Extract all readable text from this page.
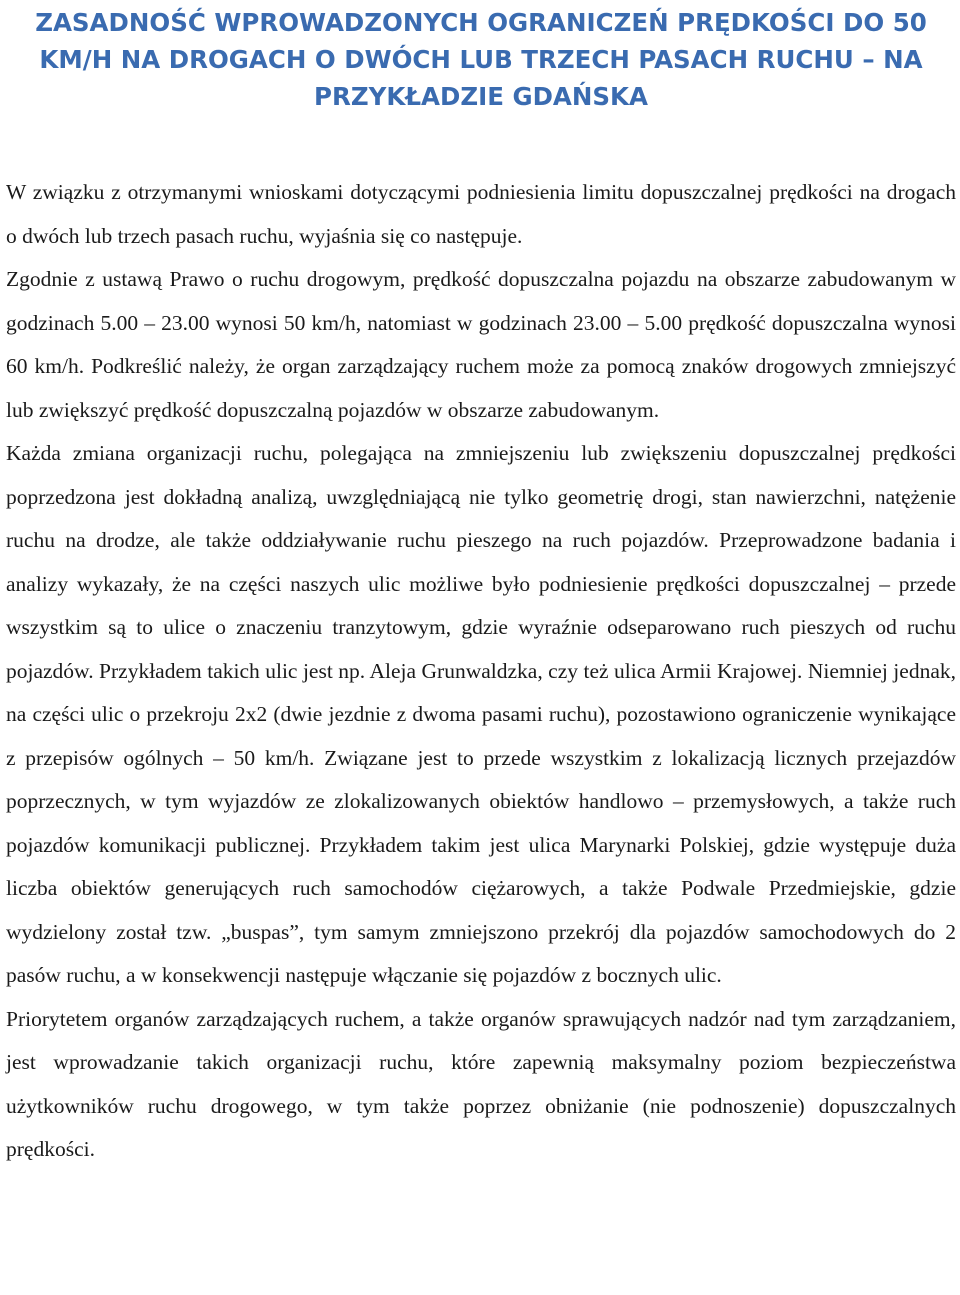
ZASADNOŚĆ WPROWADZONYCH OGRANICZEŃ PRĘDKOŚCI DO 50 KM/H NA DROGACH O DWÓCH LUB TRZECH PASACH RUCHU – NA PRZYKŁADZIE GDAŃSKA

W związku z otrzymanymi wnioskami dotyczącymi podniesienia limitu dopuszczalnej prędkości na drogach o dwóch lub trzech pasach ruchu, wyjaśnia się co następuje.

Zgodnie z ustawą Prawo o ruchu drogowym, prędkość dopuszczalna pojazdu na obszarze zabudowanym w godzinach 5.00 – 23.00 wynosi 50 km/h, natomiast w godzinach 23.00 – 5.00 prędkość dopuszczalna wynosi 60 km/h. Podkreślić należy, że organ zarządzający ruchem może za pomocą znaków drogowych zmniejszyć lub zwiększyć prędkość dopuszczalną pojazdów w obszarze zabudowanym.

Każda zmiana organizacji ruchu, polegająca na zmniejszeniu lub zwiększeniu dopuszczalnej prędkości poprzedzona jest dokładną analizą, uwzględniającą nie tylko geometrię drogi, stan nawierzchni, natężenie ruchu na drodze, ale także oddziaływanie ruchu pieszego na ruch pojazdów. Przeprowadzone badania i analizy wykazały, że na części naszych ulic możliwe było podniesienie prędkości dopuszczalnej – przede wszystkim są to ulice o znaczeniu tranzytowym, gdzie wyraźnie odseparowano ruch pieszych od ruchu pojazdów. Przykładem takich ulic jest np. Aleja Grunwaldzka, czy też ulica Armii Krajowej. Niemniej jednak, na części ulic o przekroju 2x2 (dwie jezdnie z dwoma pasami ruchu), pozostawiono ograniczenie wynikające z przepisów ogólnych – 50 km/h. Związane jest to przede wszystkim z lokalizacją licznych przejazdów poprzecznych, w tym wyjazdów ze zlokalizowanych obiektów handlowo – przemysłowych, a także ruch pojazdów komunikacji publicznej. Przykładem takim jest ulica Marynarki Polskiej, gdzie występuje duża liczba obiektów generujących ruch samochodów ciężarowych, a także Podwale Przedmiejskie, gdzie wydzielony został tzw. „buspas”, tym samym zmniejszono przekrój dla pojazdów samochodowych do 2 pasów ruchu, a w konsekwencji następuje włączanie się pojazdów z bocznych ulic.

Priorytetem organów zarządzających ruchem, a także organów sprawujących nadzór nad tym zarządzaniem, jest wprowadzanie takich organizacji ruchu, które zapewnią maksymalny poziom bezpieczeństwa użytkowników ruchu drogowego, w tym także poprzez obniżanie (nie podnoszenie) dopuszczalnych prędkości.
